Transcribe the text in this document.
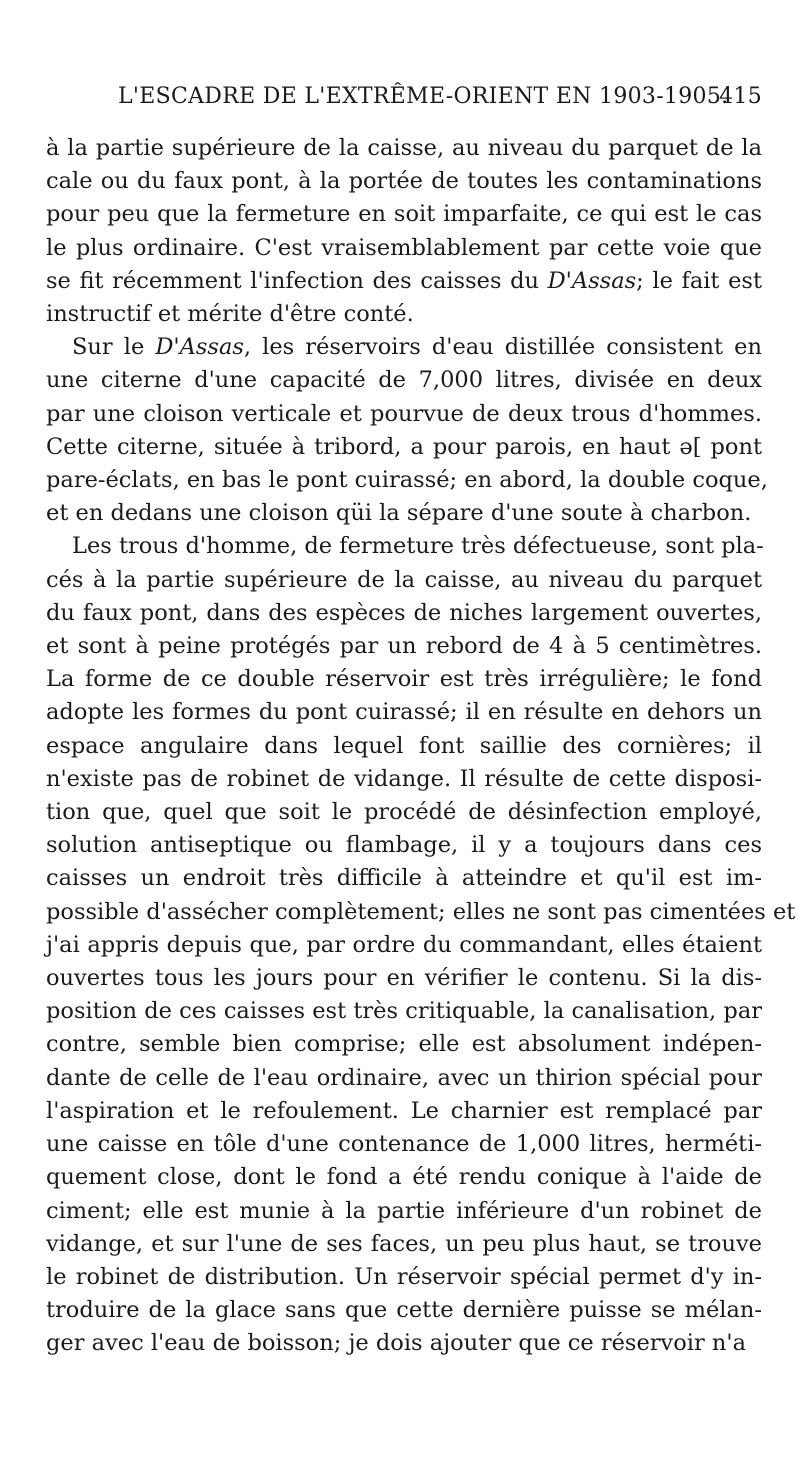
L'ESCADRE DE L'EXTRÊME-ORIENT EN 1903-1905.
415
à la partie supérieure de la caisse, au niveau du parquet de la
cale ou du faux pont, à la portée de toutes les contaminations
pour peu que la fermeture en soit imparfaite, ce qui est le cas
le plus ordinaire. C'est vraisemblablement par cette voie que
se fit récemment l'infection des caisses du D'Assas; le fait est
instructif et mérite d'être conté.
Sur le D'Assas, les réservoirs d'eau distillée consistent en
une citerne d'une capacité de 7,000 litres, divisée en deux
par une cloison verticale et pourvue de deux trous d'hommes.
Cette citerne, située à tribord, a pour parois, en haut ə[ pont
pare-éclats, en bas le pont cuirassé; en abord, la double coque,
et en dedans une cloison qüi la sépare d'une soute à charbon.
Les trous d'homme, de fermeture très défectueuse, sont pla-
cés à la partie supérieure de la caisse, au niveau du parquet
du faux pont, dans des espèces de niches largement ouvertes,
et sont à peine protégés par un rebord de 4 à 5 centimètres.
La forme de ce double réservoir est très irrégulière; le fond
adopte les formes du pont cuirassé; il en résulte en dehors un
espace angulaire dans lequel font saillie des cornières; il
n'existe pas de robinet de vidange. Il résulte de cette disposi-
tion que, quel que soit le procédé de désinfection employé,
solution antiseptique ou flambage, il y a toujours dans ces
caisses un endroit très difficile à atteindre et qu'il est im-
possible d'assécher complètement; elles ne sont pas cimentées et
j'ai appris depuis que, par ordre du commandant, elles étaient
ouvertes tous les jours pour en vérifier le contenu. Si la dis-
position de ces caisses est très critiquable, la canalisation, par
contre, semble bien comprise; elle est absolument indépen-
dante de celle de l'eau ordinaire, avec un thirion spécial pour
l'aspiration et le refoulement. Le charnier est remplacé par
une caisse en tôle d'une contenance de 1,000 litres, herméti-
quement close, dont le fond a été rendu conique à l'aide de
ciment; elle est munie à la partie inférieure d'un robinet de
vidange, et sur l'une de ses faces, un peu plus haut, se trouve
le robinet de distribution. Un réservoir spécial permet d'y in-
troduire de la glace sans que cette dernière puisse se mélan-
ger avec l'eau de boisson; je dois ajouter que ce réservoir n'a
